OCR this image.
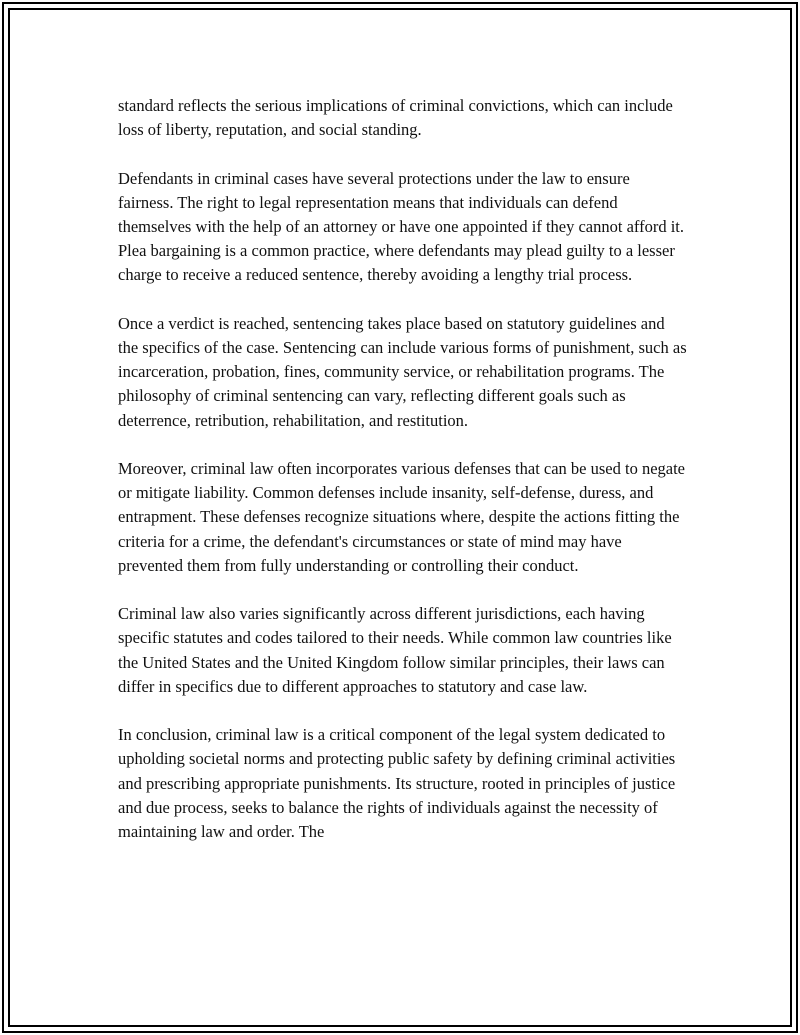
standard reflects the serious implications of criminal convictions, which can include loss of liberty, reputation, and social standing.

Defendants in criminal cases have several protections under the law to ensure fairness. The right to legal representation means that individuals can defend themselves with the help of an attorney or have one appointed if they cannot afford it. Plea bargaining is a common practice, where defendants may plead guilty to a lesser charge to receive a reduced sentence, thereby avoiding a lengthy trial process.

Once a verdict is reached, sentencing takes place based on statutory guidelines and the specifics of the case. Sentencing can include various forms of punishment, such as incarceration, probation, fines, community service, or rehabilitation programs. The philosophy of criminal sentencing can vary, reflecting different goals such as deterrence, retribution, rehabilitation, and restitution.

Moreover, criminal law often incorporates various defenses that can be used to negate or mitigate liability. Common defenses include insanity, self-defense, duress, and entrapment. These defenses recognize situations where, despite the actions fitting the criteria for a crime, the defendant's circumstances or state of mind may have prevented them from fully understanding or controlling their conduct.

Criminal law also varies significantly across different jurisdictions, each having specific statutes and codes tailored to their needs. While common law countries like the United States and the United Kingdom follow similar principles, their laws can differ in specifics due to different approaches to statutory and case law.

In conclusion, criminal law is a critical component of the legal system dedicated to upholding societal norms and protecting public safety by defining criminal activities and prescribing appropriate punishments. Its structure, rooted in principles of justice and due process, seeks to balance the rights of individuals against the necessity of maintaining law and order. The
